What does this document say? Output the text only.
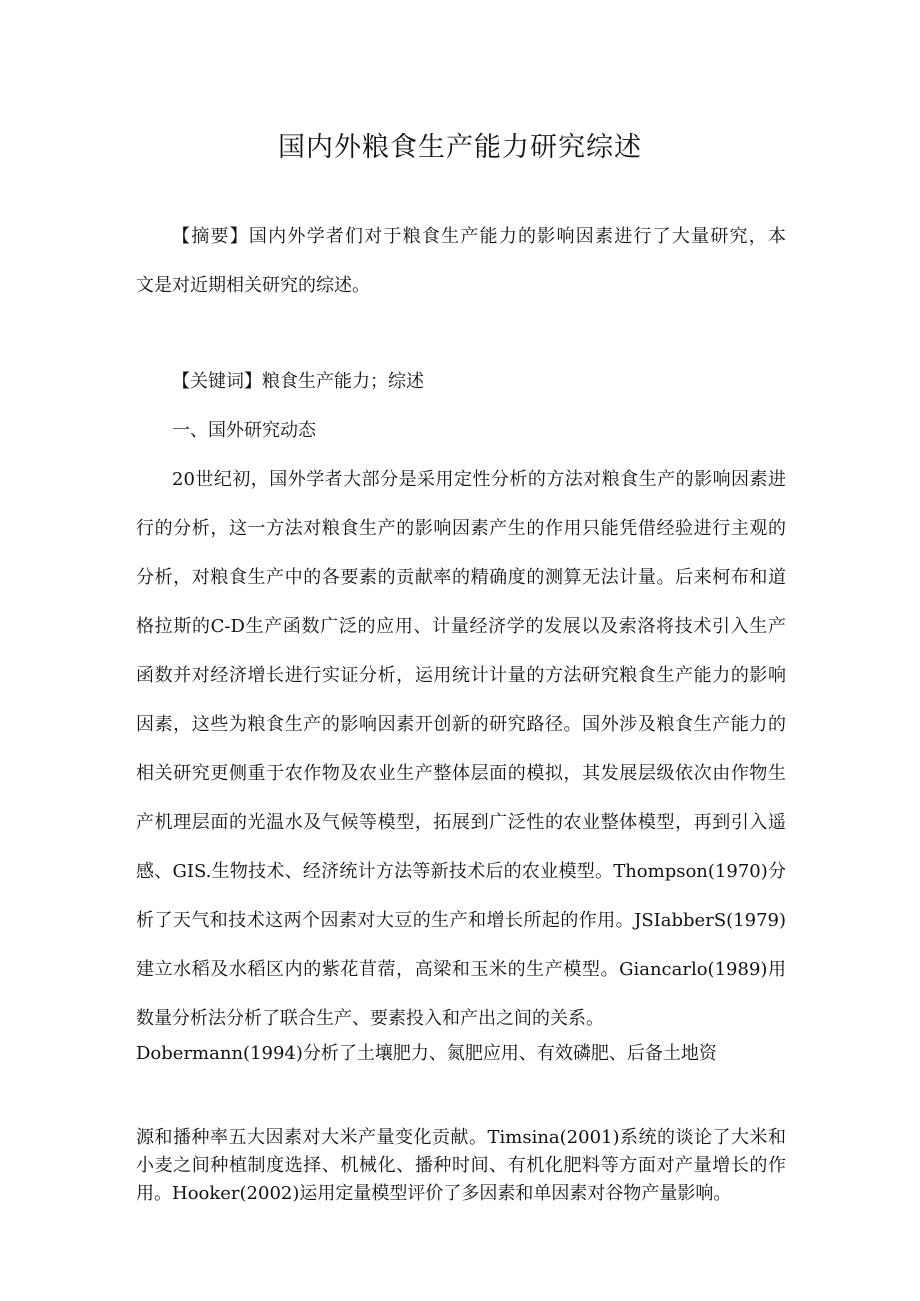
国内外粮食生产能力研究综述
【摘要】国内外学者们对于粮食生产能力的影响因素进行了大量研究，本
文是对近期相关研究的综述。
【关键词】粮食生产能力；综述
一、国外研究动态
20世纪初，国外学者大部分是采用定性分析的方法对粮食生产的影响因素进
行的分析，这一方法对粮食生产的影响因素产生的作用只能凭借经验进行主观的
分析，对粮食生产中的各要素的贡献率的精确度的测算无法计量。后来柯布和道
格拉斯的C-D生产函数广泛的应用、计量经济学的发展以及索洛将技术引入生产
函数并对经济增长进行实证分析，运用统计计量的方法研究粮食生产能力的影响
因素，这些为粮食生产的影响因素开创新的研究路径。国外涉及粮食生产能力的
相关研究更侧重于农作物及农业生产整体层面的模拟，其发展层级依次由作物生
产机理层面的光温水及气候等模型，拓展到广泛性的农业整体模型，再到引入遥
感、GIS.生物技术、经济统计方法等新技术后的农业模型。Thompson(1970)分
析了天气和技术这两个因素对大豆的生产和增长所起的作用。JSIabberS(1979)
建立水稻及水稻区内的紫花苜蓿，高梁和玉米的生产模型。Giancarlo(1989)用
数量分析法分析了联合生产、要素投入和产出之间的关系。
Dobermann(1994)分析了土壤肥力、氮肥应用、有效磷肥、后备土地资
源和播种率五大因素对大米产量变化贡献。Timsina(2001)系统的谈论了大米和
小麦之间种植制度选择、机械化、播种时间、有机化肥料等方面对产量增长的作
用。Hooker(2002)运用定量模型评价了多因素和单因素对谷物产量影响。
